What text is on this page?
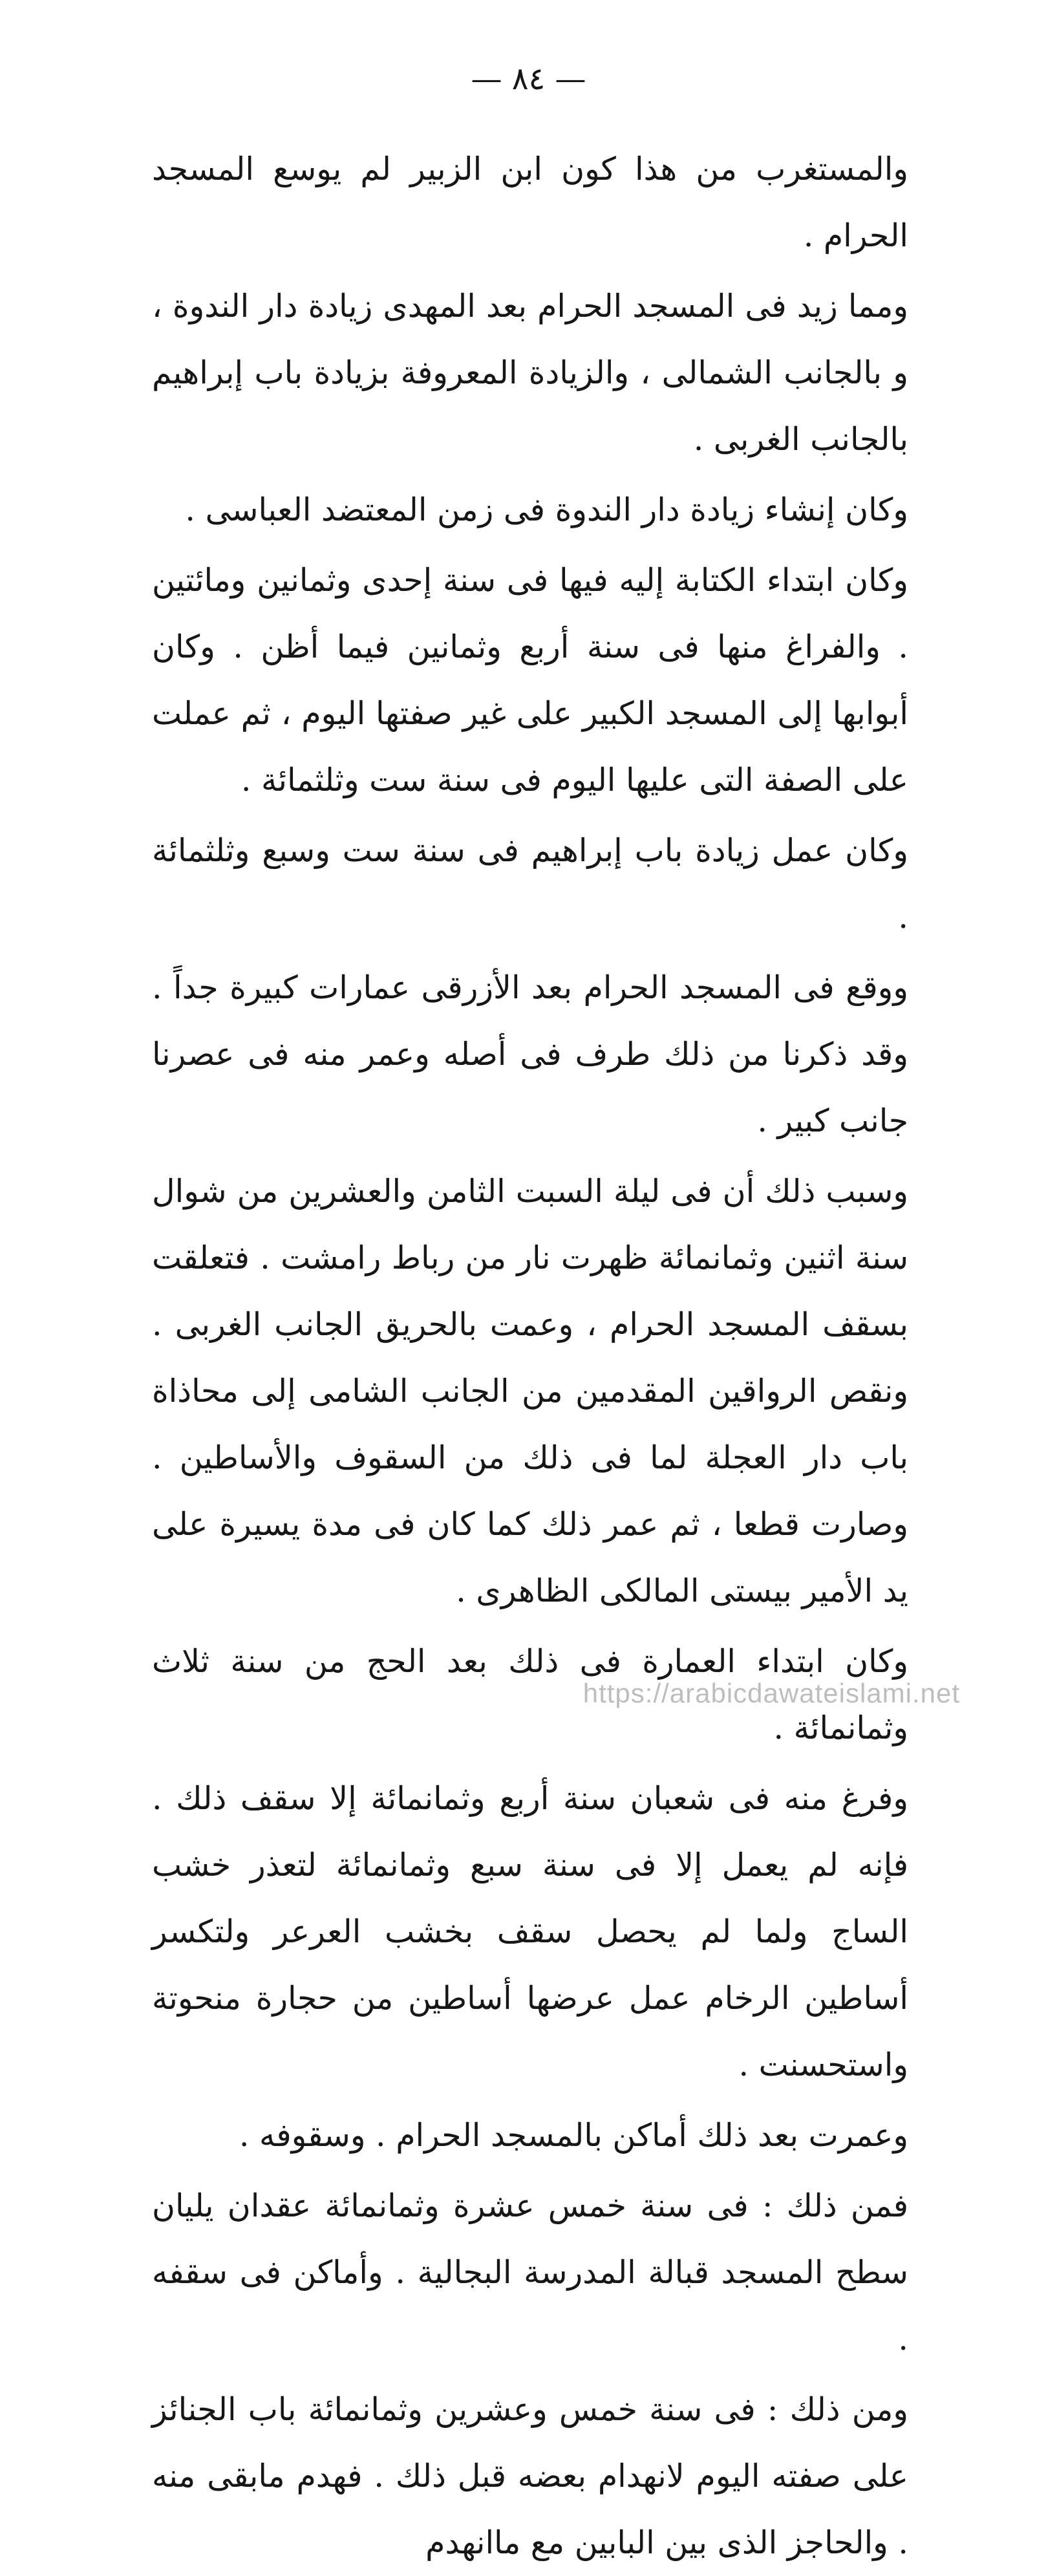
— ٨٤ —

والمستغرب من هذا كون ابن الزبير لم يوسع المسجد الحرام .

ومما زيد فى المسجد الحرام بعد المهدى زيادة دار الندوة ، و بالجانب الشمالى ، والزيادة المعروفة بزيادة باب إبراهيم بالجانب الغربى .

وكان إنشاء زيادة دار الندوة فى زمن المعتضد العباسى .

وكان ابتداء الكتابة إليه فيها فى سنة إحدى وثمانين ومائتين . والفراغ منها فى سنة أربع وثمانين فيما أظن . وكان أبوابها إلى المسجد الكبير على غير صفتها اليوم ، ثم عملت على الصفة التى عليها اليوم فى سنة ست وثلثمائة .

وكان عمل زيادة باب إبراهيم فى سنة ست وسبع وثلثمائة .

ووقع فى المسجد الحرام بعد الأزرقى عمارات كبيرة جداً . وقد ذكرنا من ذلك طرف فى أصله وعمر منه فى عصرنا جانب كبير .

وسبب ذلك أن فى ليلة السبت الثامن والعشرين من شوال سنة اثنين وثمانمائة ظهرت نار من رباط رامشت . فتعلقت بسقف المسجد الحرام ، وعمت بالحريق الجانب الغربى . ونقص الرواقين المقدمين من الجانب الشامى إلى محاذاة باب دار العجلة لما فى ذلك من السقوف والأساطين . وصارت قطعا ، ثم عمر ذلك كما كان فى مدة يسيرة على يد الأمير بيستى المالكى الظاهرى .

وكان ابتداء العمارة فى ذلك بعد الحج من سنة ثلاث وثمانمائة .

وفرغ منه فى شعبان سنة أربع وثمانمائة إلا سقف ذلك . فإنه لم يعمل إلا فى سنة سبع وثمانمائة لتعذر خشب الساج ولما لم يحصل سقف بخشب العرعر ولتكسر أساطين الرخام عمل عرضها أساطين من حجارة منحوتة واستحسنت .

وعمرت بعد ذلك أماكن بالمسجد الحرام . وسقوفه .

فمن ذلك : فى سنة خمس عشرة وثمانمائة عقدان يليان سطح المسجد قبالة المدرسة البجالية . وأماكن فى سقفه .

ومن ذلك : فى سنة خمس وعشرين وثمانمائة باب الجنائز على صفته اليوم لانهدام بعضه قبل ذلك . فهدم مابقى منه . والحاجز الذى بين البابين مع ماانهدم

https://arabicdawateislami.net
